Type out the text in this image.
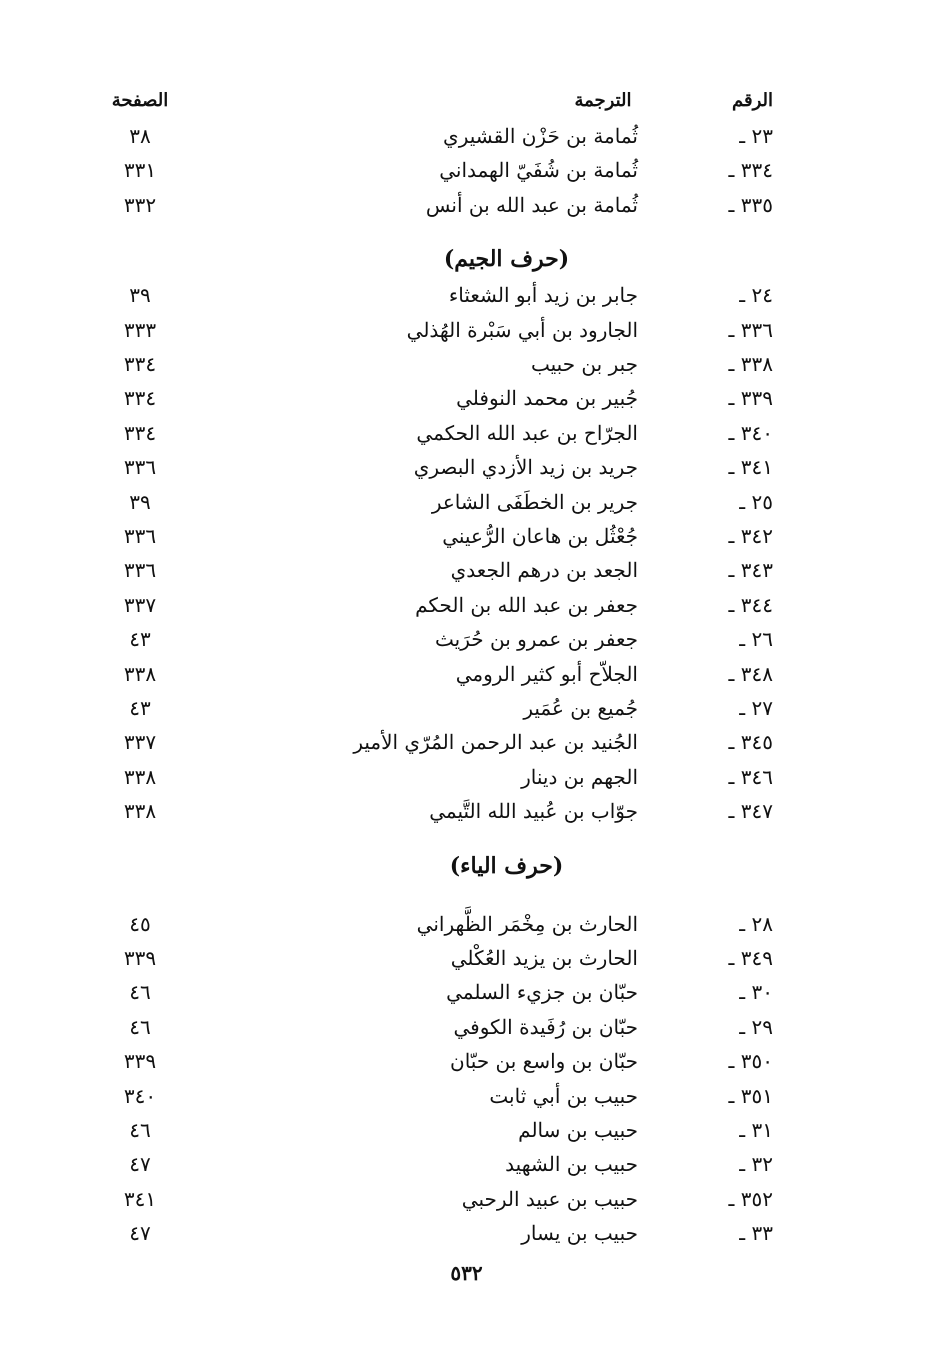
الرقم
الترجمة
الصفحة
٢٣ ـ
ثُمامة بن حَزْن القشيري
٣٨
٣٣٤ ـ
ثُمامة بن شُفَيّ الهمداني
٣٣١
٣٣٥ ـ
ثُمامة بن عبد الله بن أنس
٣٣٢
(حرف الجيم)
٢٤ ـ
جابر بن زيد أبو الشعثاء
٣٩
٣٣٦ ـ
الجارود بن أبي سَبْرة الهُذلي
٣٣٣
٣٣٨ ـ
جبر بن حبيب
٣٣٤
٣٣٩ ـ
جُبير بن محمد النوفلي
٣٣٤
٣٤٠ ـ
الجرّاح بن عبد الله الحكمي
٣٣٤
٣٤١ ـ
جريد بن زيد الأزدي البصري
٣٣٦
٢٥ ـ
جرير بن الخطَفَى الشاعر
٣٩
٣٤٢ ـ
جُعْثُل بن هاعان الرُّعيني
٣٣٦
٣٤٣ ـ
الجعد بن درهم الجعدي
٣٣٦
٣٤٤ ـ
جعفر بن عبد الله بن الحكم
٣٣٧
٢٦ ـ
جعفر بن عمرو بن حُرَيث
٤٣
٣٤٨ ـ
الجلاّح أبو كثير الرومي
٣٣٨
٢٧ ـ
جُميع بن عُمَير
٤٣
٣٤٥ ـ
الجُنيد بن عبد الرحمن المُرّي الأمير
٣٣٧
٣٤٦ ـ
الجهم بن دينار
٣٣٨
٣٤٧ ـ
جوّاب بن عُبيد الله التَّيمي
٣٣٨
(حرف الياء)
٢٨ ـ
الحارث بن مِخْمَر الظَّهراني
٤٥
٣٤٩ ـ
الحارث بن يزيد العُكْلي
٣٣٩
٣٠ ـ
حبّان بن جزيء السلمي
٤٦
٢٩ ـ
حبّان بن رُفَيدة الكوفي
٤٦
٣٥٠ ـ
حبّان بن واسع بن حبّان
٣٣٩
٣٥١ ـ
حبيب بن أبي ثابت
٣٤٠
٣١ ـ
حبيب بن سالم
٤٦
٣٢ ـ
حبيب بن الشهيد
٤٧
٣٥٢ ـ
حبيب بن عبيد الرحبي
٣٤١
٣٣ ـ
حبيب بن يسار
٤٧
٥٣٢
